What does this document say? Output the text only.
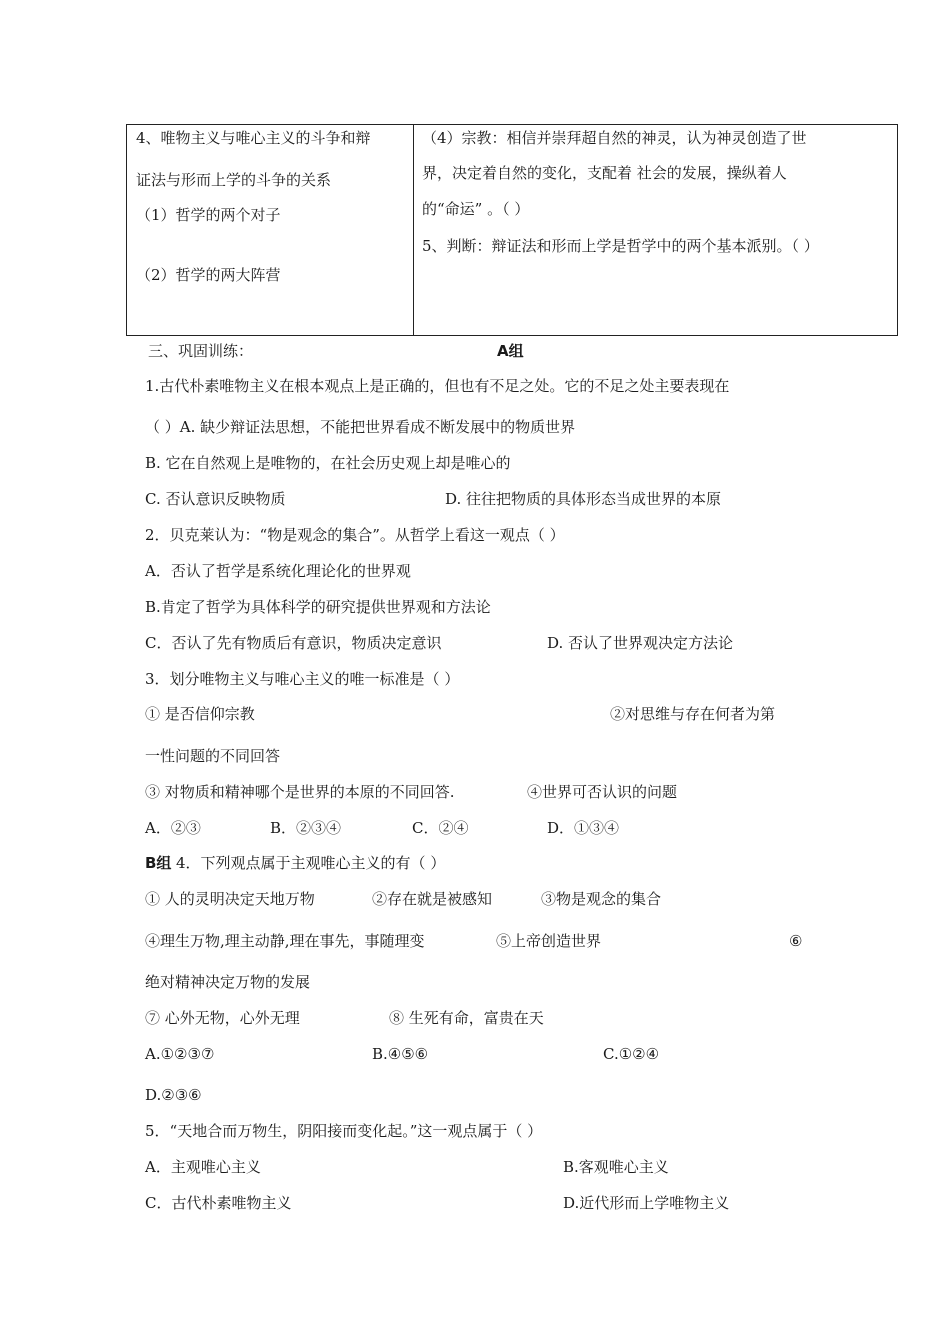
4、唯物主义与唯心主义的斗争和辩
证法与形而上学的斗争的关系
（1）哲学的两个对子
（2）哲学的两大阵营
（4）宗教：相信并崇拜超自然的神灵，认为神灵创造了世
界，决定着自然的变化，支配着 社会的发展，操纵着人
的“命运” 。（ ）
5、判断：辩证法和形而上学是哲学中的两个基本派别。（ ）
三、巩固训练：	A组
1.古代朴素唯物主义在根本观点上是正确的，但也有不足之处。它的不足之处主要表现在
（ ）A. 缺少辩证法思想，不能把世界看成不断发展中的物质世界
B. 它在自然观上是唯物的，在社会历史观上却是唯心的
C. 否认意识反映物质	D. 往往把物质的具体形态当成世界的本原
2．贝克莱认为：“物是观念的集合”。从哲学上看这一观点（ ）
A．否认了哲学是系统化理论化的世界观
B.肯定了哲学为具体科学的研究提供世界观和方法论
C．否认了先有物质后有意识，物质决定意识	D. 否认了世界观决定方法论
3．划分唯物主义与唯心主义的唯一标准是（ ）
① 是否信仰宗教	②对思维与存在何者为第
一性问题的不同回答
③ 对物质和精神哪个是世界的本原的不同回答.	④世界可否认识的问题
A．②③	B．②③④	C．②④	D．①③④
B组 4．下列观点属于主观唯心主义的有（ ）
① 人的灵明决定天地万物	②存在就是被感知	③物是观念的集合
④理生万物,理主动静,理在事先，事随理变	⑤上帝创造世界	⑥
绝对精神决定万物的发展
⑦ 心外无物，心外无理	⑧ 生死有命，富贵在天
A.①②③⑦	B.④⑤⑥	C.①②④
D.②③⑥
5．“天地合而万物生，阴阳接而变化起。”这一观点属于（ ）
A．主观唯心主义	B.客观唯心主义
C．古代朴素唯物主义	D.近代形而上学唯物主义
